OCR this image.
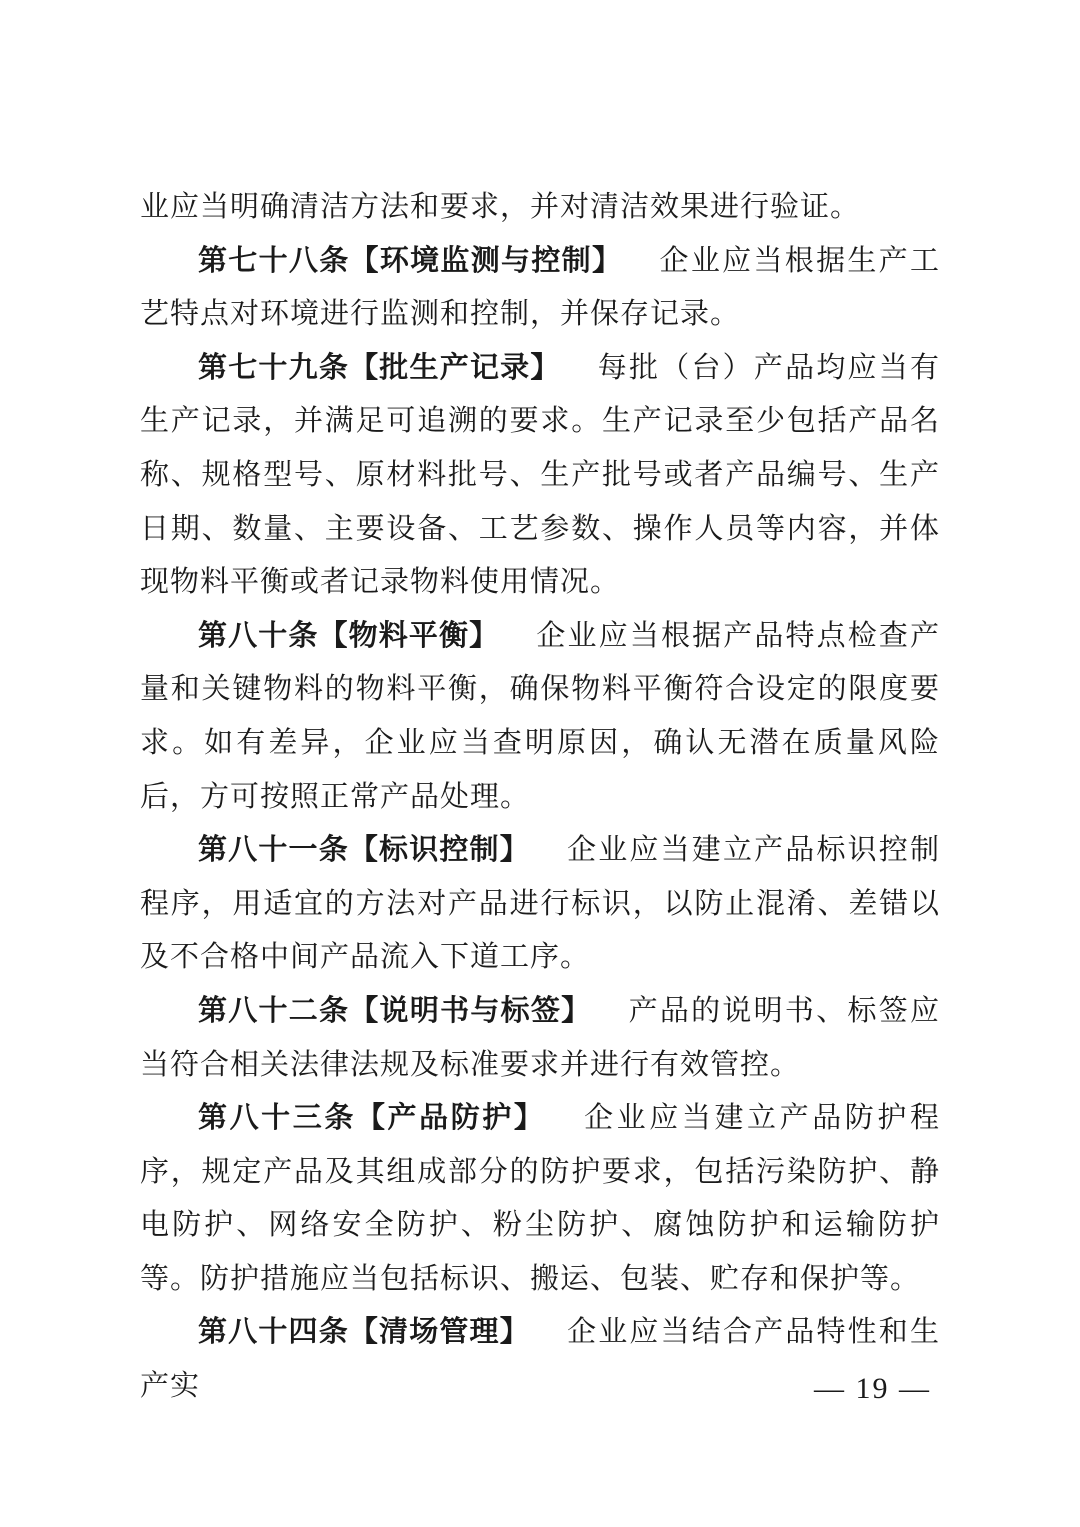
业应当明确清洁方法和要求，并对清洁效果进行验证。

第七十八条【环境监测与控制】 企业应当根据生产工艺特点对环境进行监测和控制，并保存记录。

第七十九条【批生产记录】 每批（台）产品均应当有生产记录，并满足可追溯的要求。生产记录至少包括产品名称、规格型号、原材料批号、生产批号或者产品编号、生产日期、数量、主要设备、工艺参数、操作人员等内容，并体现物料平衡或者记录物料使用情况。

第八十条【物料平衡】 企业应当根据产品特点检查产量和关键物料的物料平衡，确保物料平衡符合设定的限度要求。如有差异，企业应当查明原因，确认无潜在质量风险后，方可按照正常产品处理。

第八十一条【标识控制】 企业应当建立产品标识控制程序，用适宜的方法对产品进行标识，以防止混淆、差错以及不合格中间产品流入下道工序。

第八十二条【说明书与标签】 产品的说明书、标签应当符合相关法律法规及标准要求并进行有效管控。

第八十三条【产品防护】 企业应当建立产品防护程序，规定产品及其组成部分的防护要求，包括污染防护、静电防护、网络安全防护、粉尘防护、腐蚀防护和运输防护等。防护措施应当包括标识、搬运、包装、贮存和保护等。

第八十四条【清场管理】 企业应当结合产品特性和生产实	— 19 —
